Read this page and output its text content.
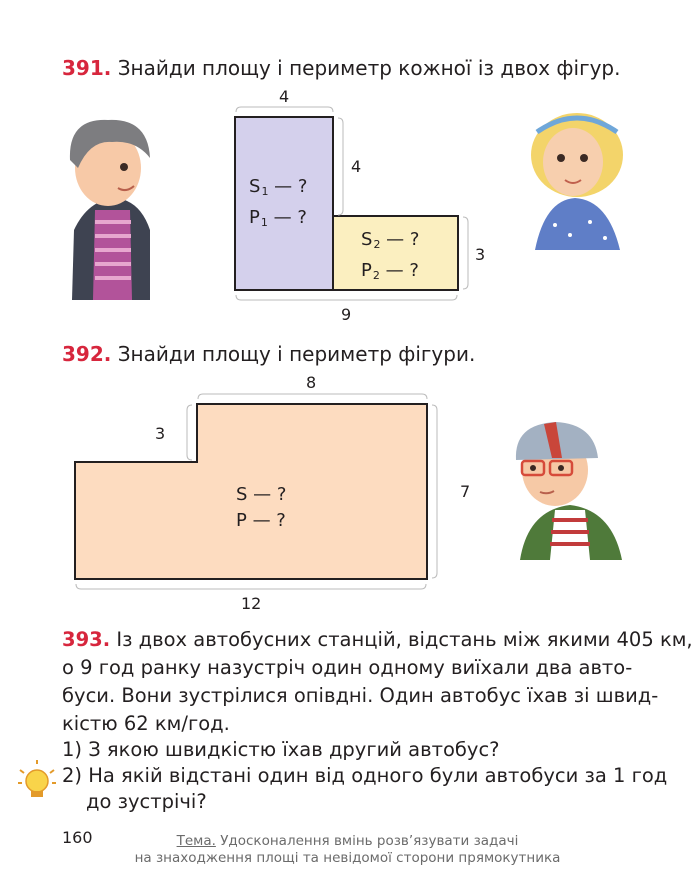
391. Знайди площу і периметр кожної із двох фігур.
4
4
3
9
$S_1$ — ?
$P_1$ — ?
$S_2$ — ?
$P_2$ — ?
392. Знайди площу і периметр фігури.
8
3
7
12
S — ?
P — ?
393. Із двох автобусних станцій, відстань між якими 405 км,
о 9 год ранку назустріч один одному виїхали два авто-
буси. Вони зустрілися опівдні. Один автобус їхав зі швид-
кістю 62 км/год.
1) З якою швидкістю їхав другий автобус?
2) На якій відстані один від одного були автобуси за 1 год
до зустрічі?
160	Тема. Удосконалення вмінь розв’язувати задачі
на знаходження площі та невідомої сторони прямокутника
